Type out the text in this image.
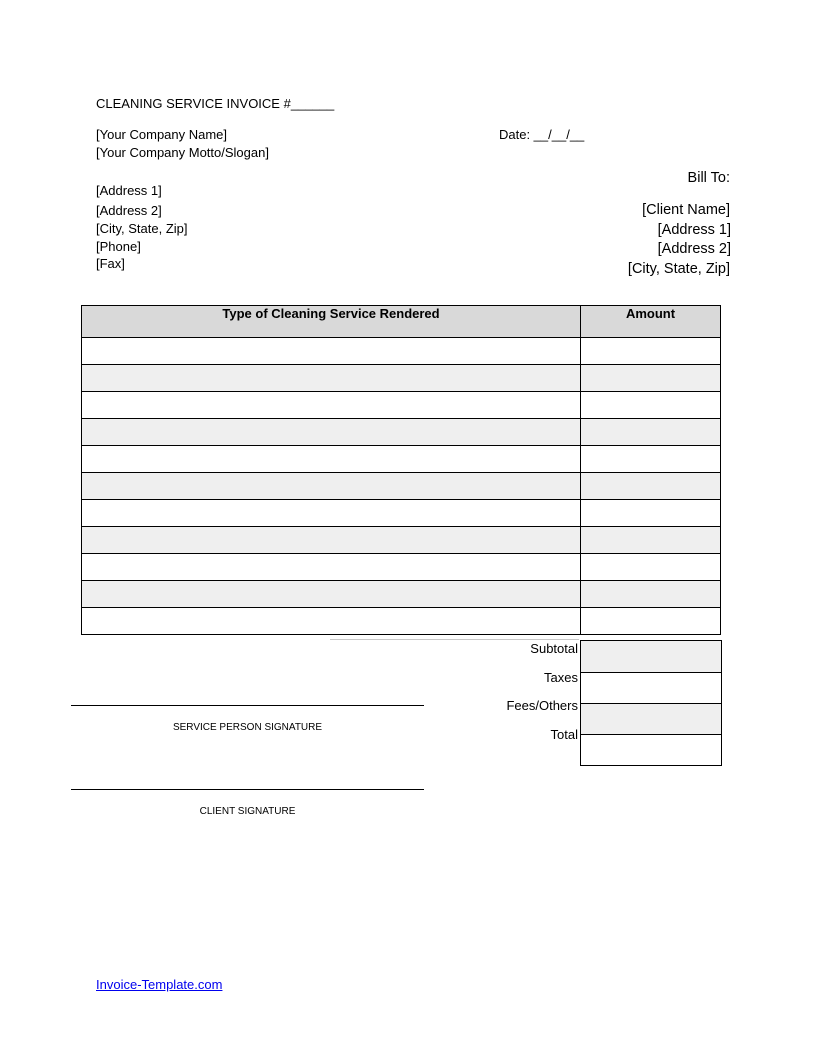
CLEANING SERVICE INVOICE #______
[Your Company Name]
[Your Company Motto/Slogan]
Date: __/__/__
[Address 1]
[Address 2]
[City, State, Zip]
[Phone]
[Fax]
Bill To:
[Client Name]
[Address 1]
[Address 2]
[City, State, Zip]
Type of Cleaning Service Rendered	Amount

Subtotal
Taxes
Fees/Others
Total

SERVICE PERSON SIGNATURE
CLIENT SIGNATURE
Invoice-Template.com
